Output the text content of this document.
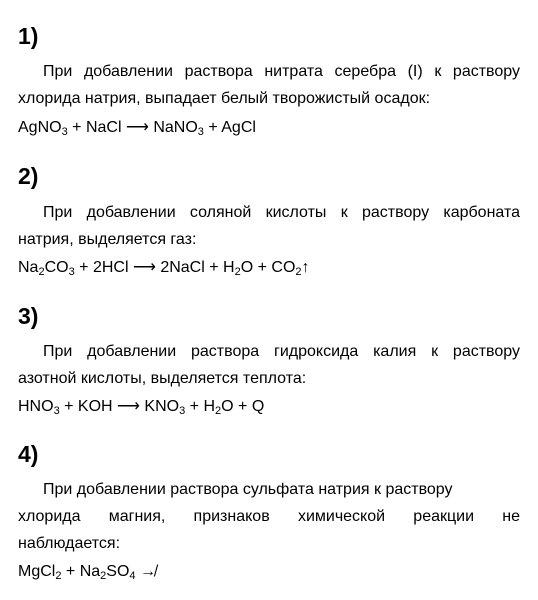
1)

При добавлении раствора нитрата серебра (I) к раствору хлорида натрия, выпадает белый творожистый осадок:

AgNO$_3$ + NaCl ⟶ NaNO$_3$ + AgCl

2)

При добавлении соляной кислоты к раствору карбоната натрия, выделяется газ:

$Na_2CO_3 + 2HCl$ ⟶ 2NaCl + $H_2O$ + $CO_2↑$

3)

При добавлении раствора гидроксида калия к раствору азотной кислоты, выделяется теплота:

$HNO_3$ + KOH ⟶ $KNO_3 + H_2O + Q$

4)
При добавлении раствора сульфата натрия к раствору
хлорида магния, признаков химической реакции не
наблюдается:

MgCl$_2$ + $Na_2SO_4$ ↛
